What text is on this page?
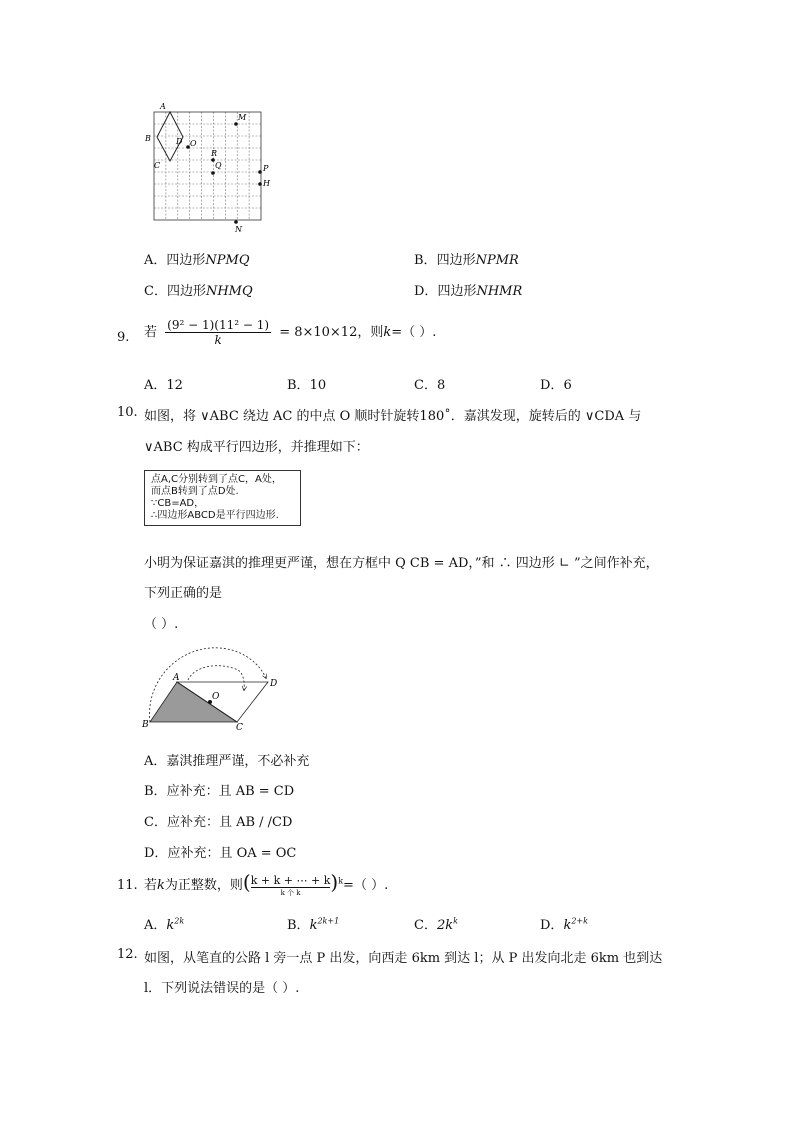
A
B
C
D O
R
Q
M
P
H
N
A．四边形NPMQ	B．四边形NPMR
C．四边形NHMQ	D．四边形NHMR
9. 若 $\frac{\text{(9² − 1)(11² − 1)}}{k} = 8\times 10\times 12$，则k=（ ）.
A．12	B．10	C．8	D．6
10. 如图，将 ∨ABC 绕边 AC 的中点 O 顺时针旋转180˚．嘉淇发现，旋转后的 ∨CDA 与
∨ABC 构成平行四边形，并推理如下：
点A,C分别转到了点C，A处，
而点B转到了点D处.
∵CB=AD，
∴四边形ABCD是平行四边形.
小明为保证嘉淇的推理更严谨，想在方框中 Q CB = AD，”和 ∴ 四边形 ∟ ”之间作补充，
下列正确的是
（ ）.
A
B	C
D
O
A．嘉淇推理严谨，不必补充
B．应补充：且 AB = CD
C．应补充：且 AB / /CD
D．应补充：且 OA = OC
11. 若k为正整数，则( k + k + ⋯ + k
k 个 k	)$^k$=（ ）.
A．$k^{2k}$	B．$k^{2k+1}$	C．$2k^k$	D．$k^{2+k}$
12. 如图，从笔直的公路 l 旁一点 P 出发，向西走 6km 到达 l；从 P 出发向北走 6km 也到达
l．下列说法错误的是（ ）.
